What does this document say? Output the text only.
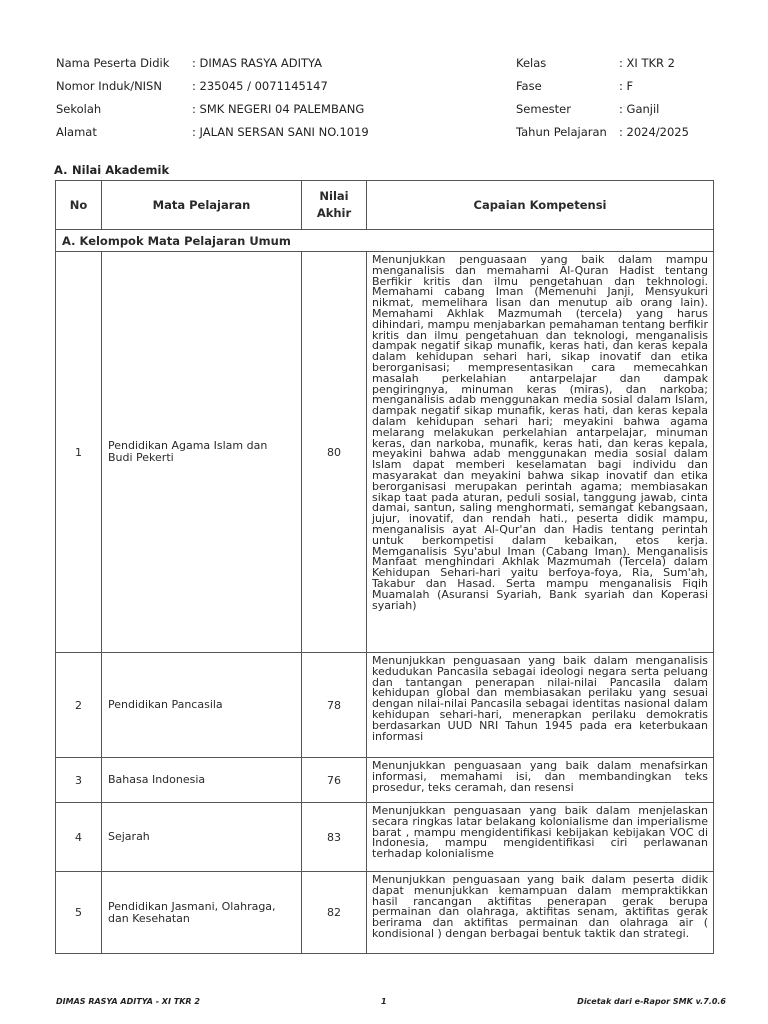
Nama Peserta Didik : DIMAS RASYA ADITYA	Kelas	: XI TKR 2
Nomor Induk/NISN	: 235045 / 0071145147	Fase	: F
Sekolah	: SMK NEGERI 04 PALEMBANG	Semester	: Ganjil
Alamat	: JALAN SERSAN SANI NO.1019	Tahun Pelajaran : 2024/2025
A. Nilai Akademik
No	Mata Pelajaran	Nilai Akhir	Capaian Kompetensi
A. Kelompok Mata Pelajaran Umum			
1	Pendidikan Agama Islam dan Budi Pekerti	80	Menunjukkan penguasaan yang baik dalam mampu menganalisis dan memahami Al-Quran Hadist tentang Berfikir kritis dan ilmu pengetahuan dan tekhnologi. Memahami cabang Iman (Memenuhi Janji, Mensyukuri nikmat, memelihara lisan dan menutup aib orang lain). Memahami Akhlak Mazmumah (tercela) yang harus dihindari, mampu menjabarkan pemahaman tentang berfikir kritis dan ilmu pengetahuan dan teknologi, menganalisis dampak negatif sikap munafik, keras hati, dan keras kepala dalam kehidupan sehari hari, sikap inovatif dan etika berorganisasi; mempresentasikan cara memecahkan masalah perkelahian antarpelajar dan dampak pengiringnya, minuman keras (miras), dan narkoba; menganalisis adab menggunakan media sosial dalam Islam, dampak negatif sikap munafik, keras hati, dan keras kepala dalam kehidupan sehari hari; meyakini bahwa agama melarang melakukan perkelahian antarpelajar, minuman keras, dan narkoba, munafik, keras hati, dan keras kepala, meyakini bahwa adab menggunakan media sosial dalam Islam dapat memberi keselamatan bagi individu dan masyarakat dan meyakini bahwa sikap inovatif dan etika berorganisasi merupakan perintah agama; membiasakan sikap taat pada aturan, peduli sosial, tanggung jawab, cinta damai, santun, saling menghormati, semangat kebangsaan, jujur, inovatif, dan rendah hati., peserta didik mampu, menganalisis ayat Al-Qur'an dan Hadis tentang perintah untuk berkompetisi dalam kebaikan, etos kerja. Memganalisis Syu'abul Iman (Cabang Iman). Menganalisis Manfaat menghindari Akhlak Mazmumah (Tercela) dalam Kehidupan Sehari-hari yaitu berfoya-foya, Ria, Sum'ah, Takabur dan Hasad. Serta mampu menganalisis Fiqih Muamalah (Asuransi Syariah, Bank syariah dan Koperasi syariah)
2	Pendidikan Pancasila	78	Menunjukkan penguasaan yang baik dalam menganalisis kedudukan Pancasila sebagai ideologi negara serta peluang dan tantangan penerapan nilai-nilai Pancasila dalam kehidupan global dan membiasakan perilaku yang sesuai dengan nilai-nilai Pancasila sebagai identitas nasional dalam kehidupan sehari-hari, menerapkan perilaku demokratis berdasarkan UUD NRI Tahun 1945 pada era keterbukaan informasi
3	Bahasa Indonesia	76	Menunjukkan penguasaan yang baik dalam menafsirkan informasi, memahami isi, dan membandingkan teks prosedur, teks ceramah, dan resensi
4	Sejarah	83	Menunjukkan penguasaan yang baik dalam menjelaskan secara ringkas latar belakang kolonialisme dan imperialisme barat , mampu mengidentifikasi kebijakan kebijakan VOC di Indonesia, mampu mengidentifikasi ciri perlawanan terhadap kolonialisme
5	Pendidikan Jasmani, Olahraga, dan Kesehatan	82	Menunjukkan penguasaan yang baik dalam peserta didik dapat menunjukkan kemampuan dalam mempraktikkan hasil rancangan aktifitas penerapan gerak berupa permainan dan olahraga, aktifitas senam, aktifitas gerak berirama dan aktifitas permainan dan olahraga air ( kondisional ) dengan berbagai bentuk taktik dan strategi.
DIMAS RASYA ADITYA - XI TKR 2	1	Dicetak dari e-Rapor SMK v.7.0.6
